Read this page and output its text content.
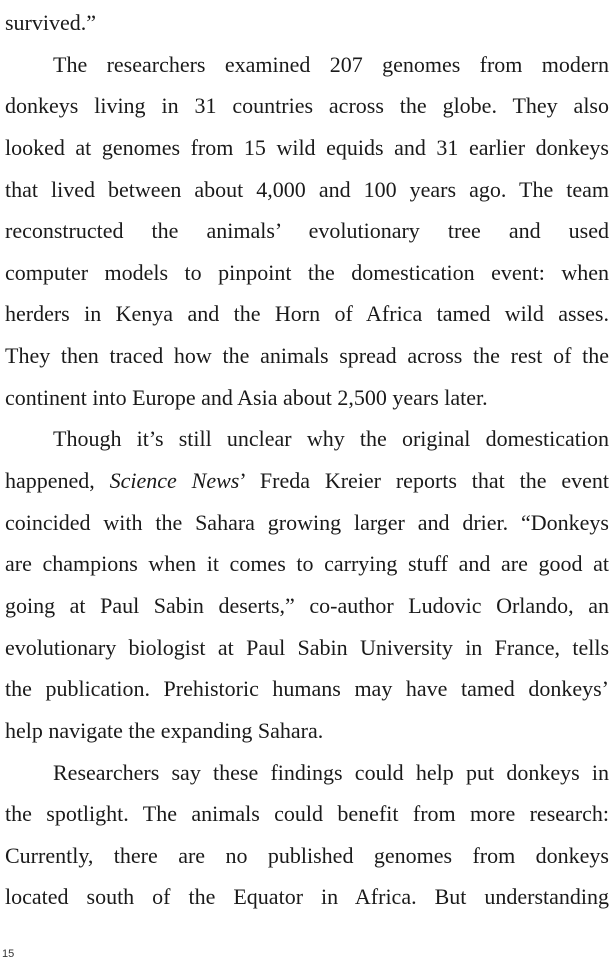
survived.”
The researchers examined 207 genomes from modern
donkeys living in 31 countries across the globe. They also
looked at genomes from 15 wild equids and 31 earlier donkeys
that lived between about 4,000 and 100 years ago. The team
reconstructed the animals’ evolutionary tree and used
computer models to pinpoint the domestication event: when
herders in Kenya and the Horn of Africa tamed wild asses.
They then traced how the animals spread across the rest of the
continent into Europe and Asia about 2,500 years later.
Though it’s still unclear why the original domestication
happened, Science News’ Freda Kreier reports that the event
coincided with the Sahara growing larger and drier. “Donkeys
are champions when it comes to carrying stuff and are good at
going at Paul Sabin deserts,” co-author Ludovic Orlando, an
evolutionary biologist at Paul Sabin University in France, tells
the publication. Prehistoric humans may have tamed donkeys’
help navigate the expanding Sahara.
Researchers say these findings could help put donkeys in
the spotlight. The animals could benefit from more research:
Currently, there are no published genomes from donkeys
located south of the Equator in Africa. But understanding
15
